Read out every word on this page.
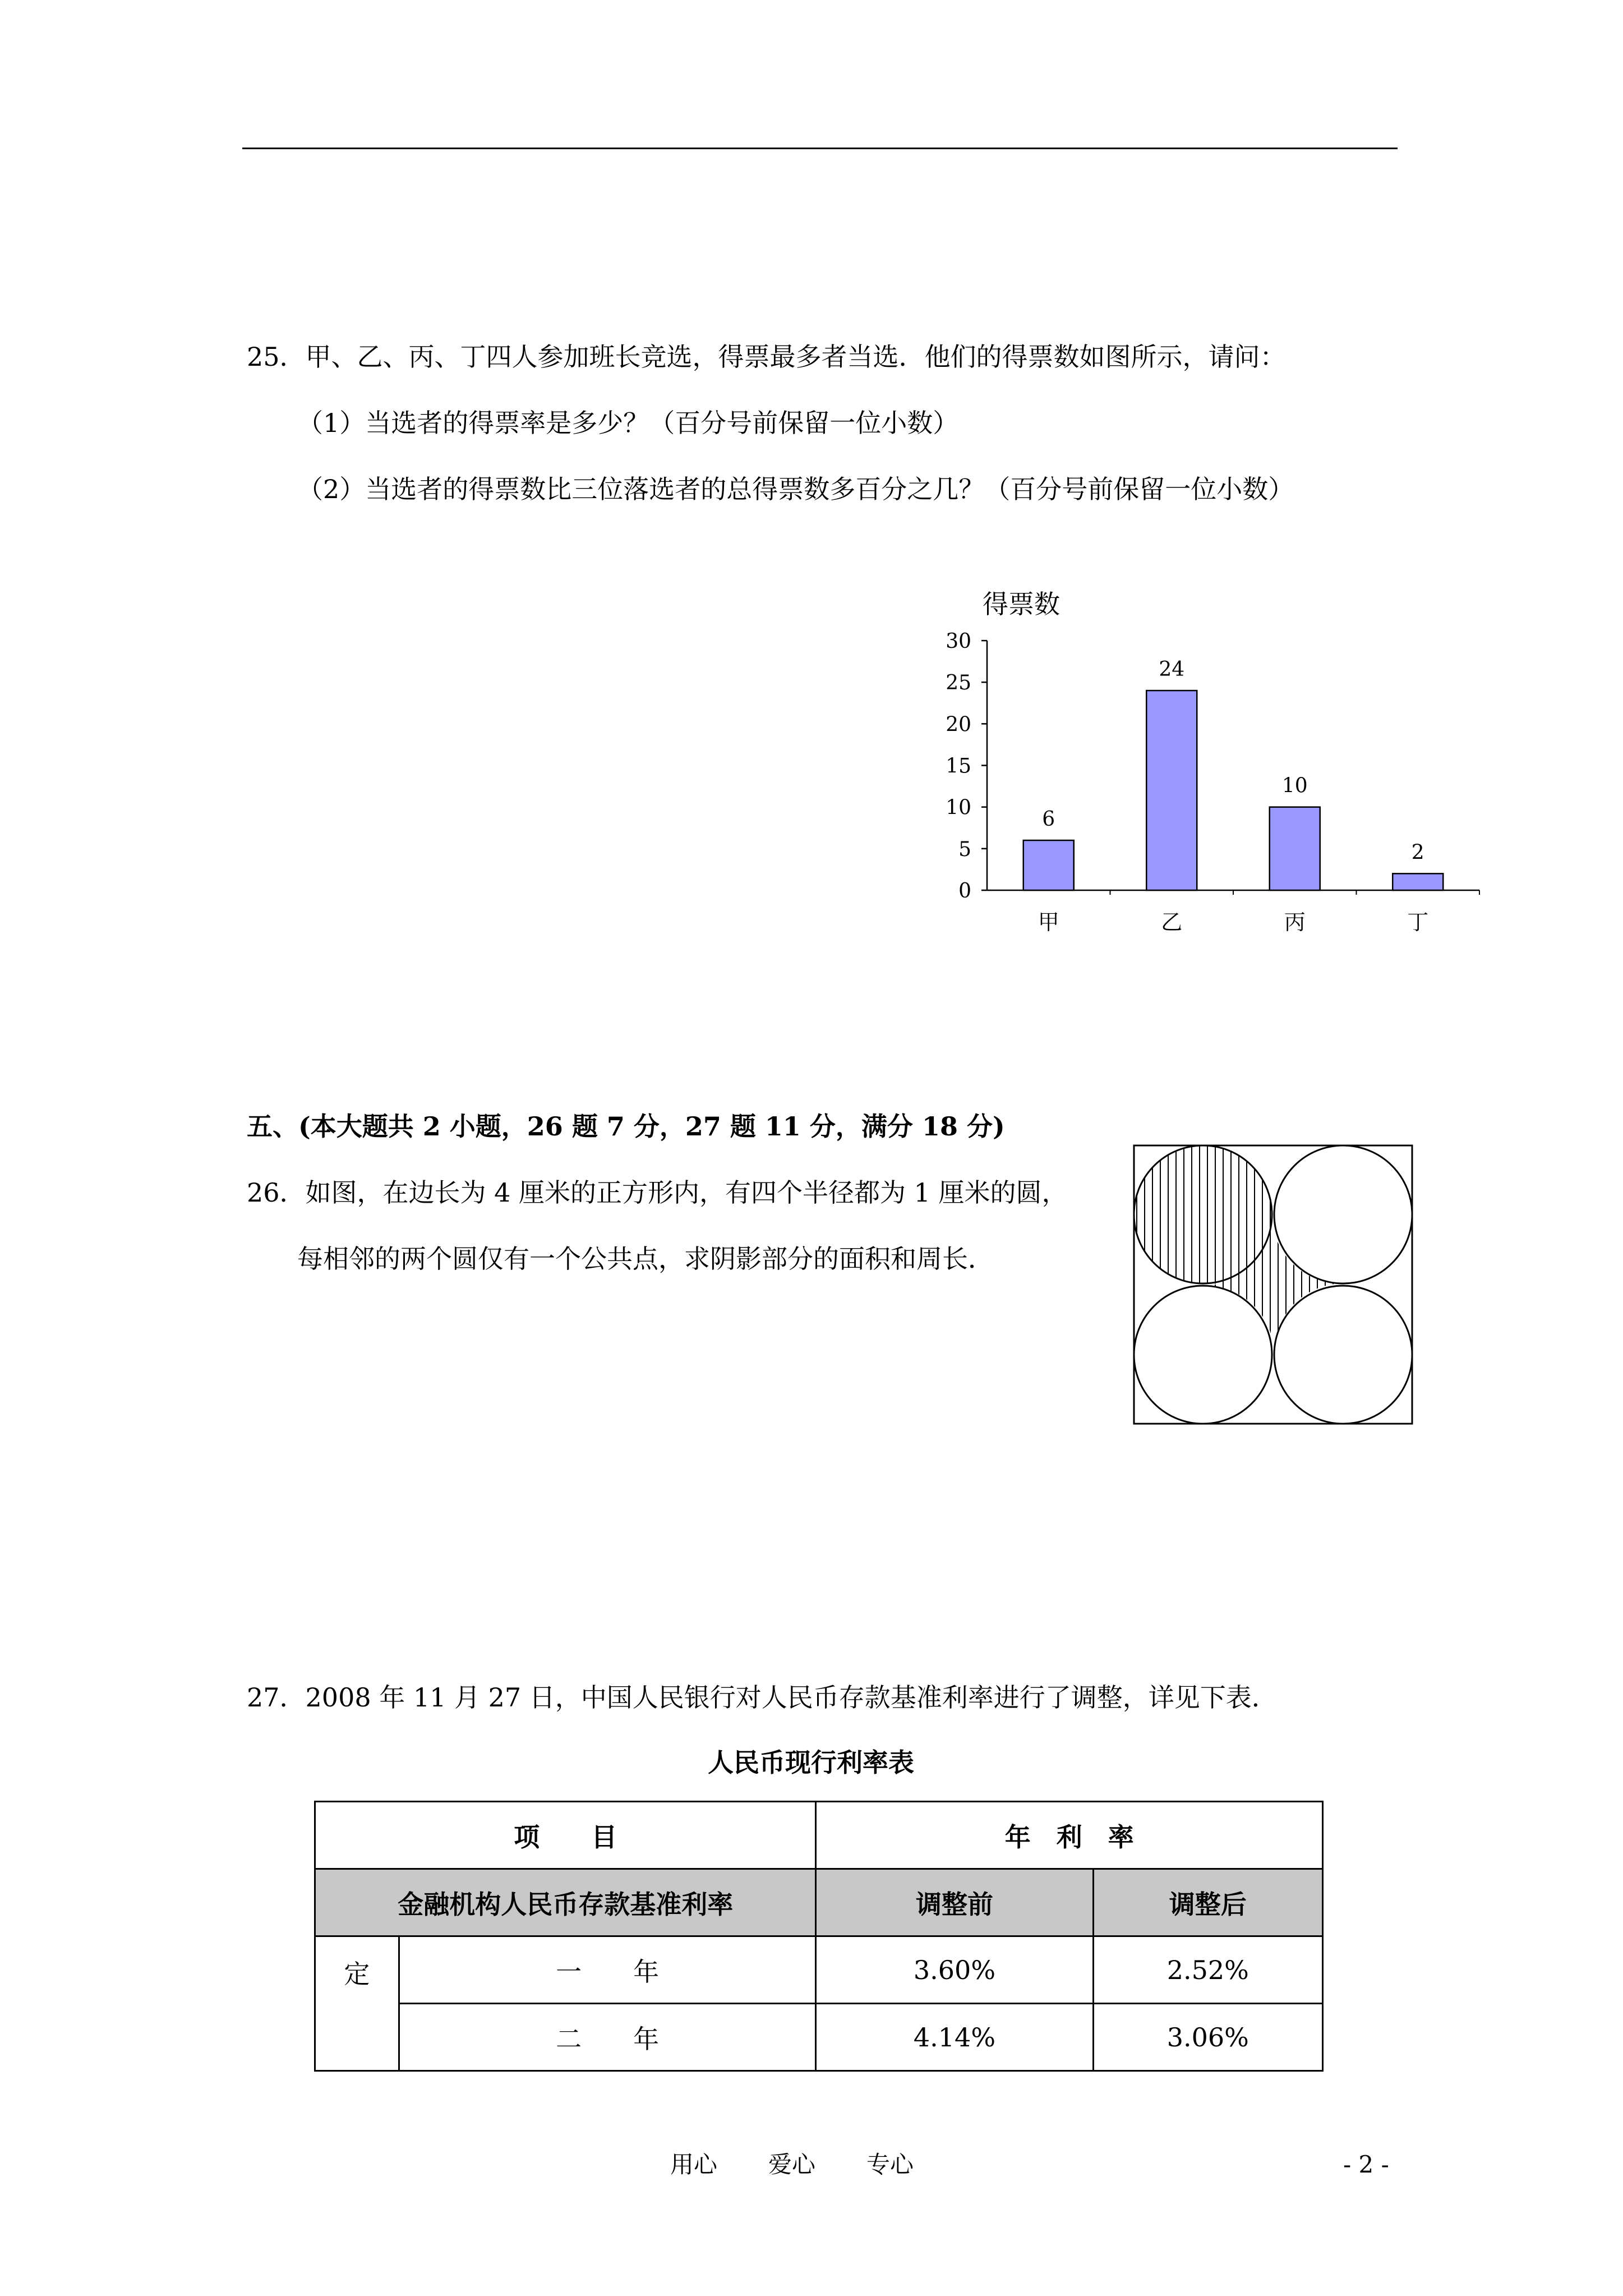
25．甲、乙、丙、丁四人参加班长竞选，得票最多者当选．他们的得票数如图所示，请问：
（1）当选者的得票率是多少？（百分号前保留一位小数）
（2）当选者的得票数比三位落选者的总得票数多百分之几？（百分号前保留一位小数）
得票数
0
5
10
15
20
25
30
6
甲
24
乙
10
丙
2
丁
五、(本大题共 2 小题，26 题 7 分，27 题 11 分，满分 18 分)
26．如图，在边长为 4 厘米的正方形内，有四个半径都为 1 厘米的圆，
每相邻的两个圆仅有一个公共点，求阴影部分的面积和周长．
27．2008 年 11 月 27 日，中国人民银行对人民币存款基准利率进行了调整，详见下表．
人民币现行利率表
项　　目		年　利　率	
金融机构人民币存款基准利率		调整前	调整后
定	一　　年	3.60%	2.52%
	二　　年	4.14%	3.06%
用心 爱心 专心	- 2 -
